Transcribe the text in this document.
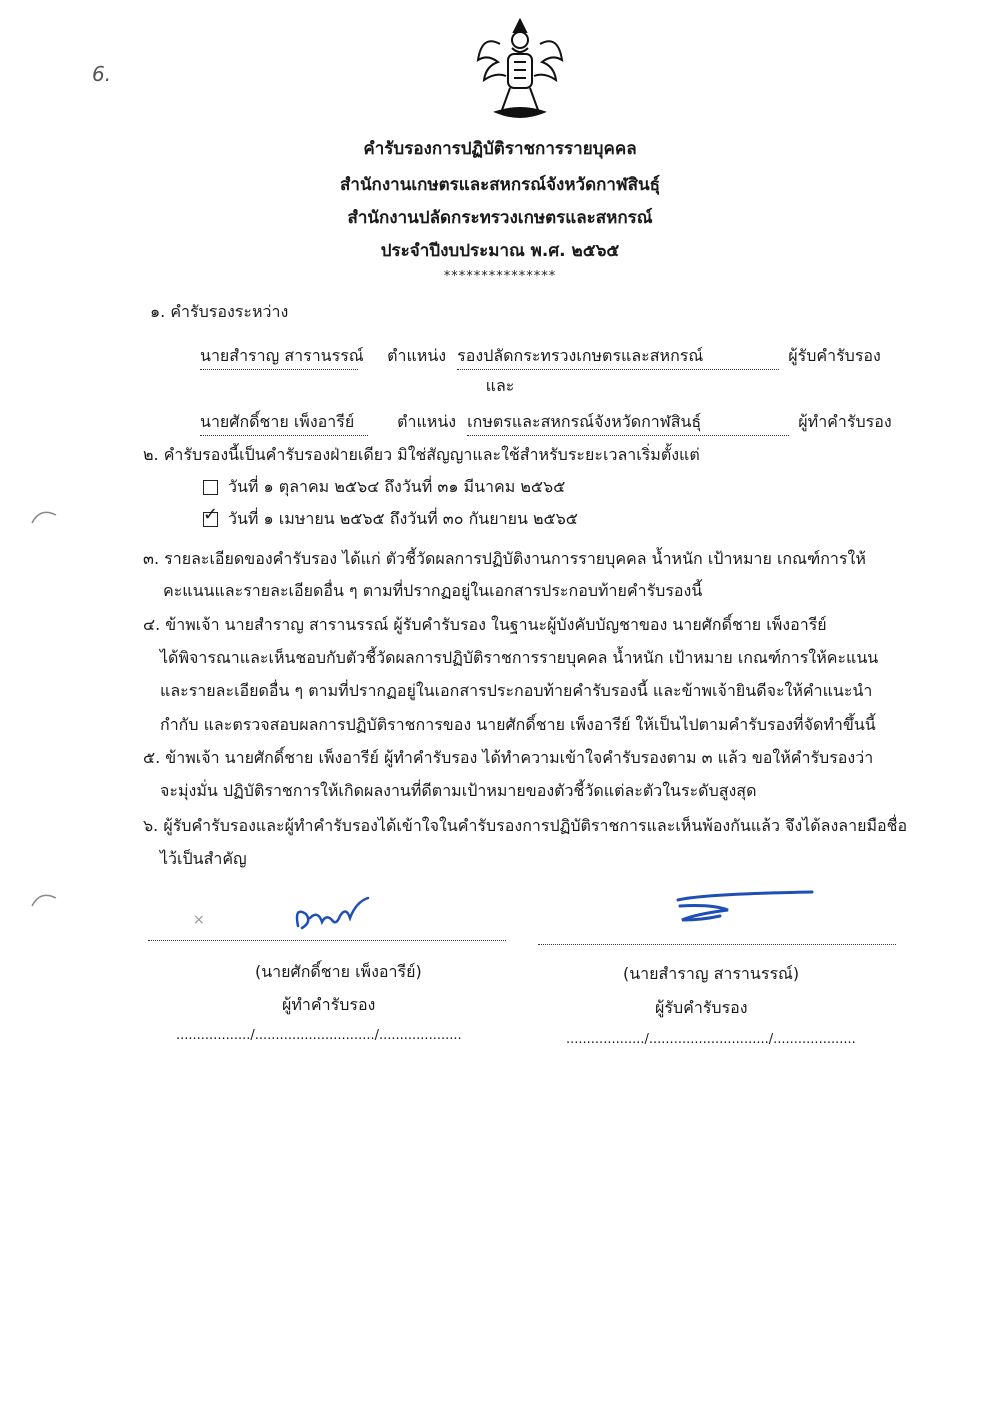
6.
คำรับรองการปฏิบัติราชการรายบุคคล
สำนักงานเกษตรและสหกรณ์จังหวัดกาฬสินธุ์
สำนักงานปลัดกระทรวงเกษตรและสหกรณ์
ประจำปีงบประมาณ พ.ศ. ๒๕๖๕
***************
๑. คำรับรองระหว่าง
นายสำราญ สารานรรณ์ ตำแหน่ง รองปลัดกระทรวงเกษตรและสหกรณ์	ผู้รับคำรับรอง
และ
นายศักดิ์ชาย เพ็งอารีย์	ตำแหน่ง เกษตรและสหกรณ์จังหวัดกาฬสินธุ์	ผู้ทำคำรับรอง
๒. คำรับรองนี้เป็นคำรับรองฝ่ายเดียว มิใช่สัญญาและใช้สำหรับระยะเวลาเริ่มตั้งแต่
วันที่ ๑ ตุลาคม ๒๕๖๔ ถึงวันที่ ๓๑ มีนาคม ๒๕๖๕
✓ วันที่ ๑ เมษายน ๒๕๖๕ ถึงวันที่ ๓๐ กันยายน ๒๕๖๕
๓. รายละเอียดของคำรับรอง ได้แก่ ตัวชี้วัดผลการปฏิบัติงานการรายบุคคล น้ำหนัก เป้าหมาย เกณฑ์การให้
คะแนนและรายละเอียดอื่น ๆ ตามที่ปรากฏอยู่ในเอกสารประกอบท้ายคำรับรองนี้
๔. ข้าพเจ้า นายสำราญ สารานรรณ์ ผู้รับคำรับรอง ในฐานะผู้บังคับบัญชาของ นายศักดิ์ชาย เพ็งอารีย์
ได้พิจารณาและเห็นชอบกับตัวชี้วัดผลการปฏิบัติราชการรายบุคคล น้ำหนัก เป้าหมาย เกณฑ์การให้คะแนน
และรายละเอียดอื่น ๆ ตามที่ปรากฏอยู่ในเอกสารประกอบท้ายคำรับรองนี้ และข้าพเจ้ายินดีจะให้คำแนะนำ
กำกับ และตรวจสอบผลการปฏิบัติราชการของ นายศักดิ์ชาย เพ็งอารีย์ ให้เป็นไปตามคำรับรองที่จัดทำขึ้นนี้
๕. ข้าพเจ้า นายศักดิ์ชาย เพ็งอารีย์ ผู้ทำคำรับรอง ได้ทำความเข้าใจคำรับรองตาม ๓ แล้ว ขอให้คำรับรองว่า
จะมุ่งมั่น ปฏิบัติราชการให้เกิดผลงานที่ดีตามเป้าหมายของตัวชี้วัดแต่ละตัวในระดับสูงสุด
๖. ผู้รับคำรับรองและผู้ทำคำรับรองได้เข้าใจในคำรับรองการปฏิบัติราชการและเห็นพ้องกันแล้ว จึงได้ลงลายมือชื่อ
ไว้เป็นสำคัญ
×
(นายศักดิ์ชาย เพ็งอารีย์)
ผู้ทำคำรับรอง
................../............................./....................
(นายสำราญ สารานรรณ์)
ผู้รับคำรับรอง
.................../............................./....................
